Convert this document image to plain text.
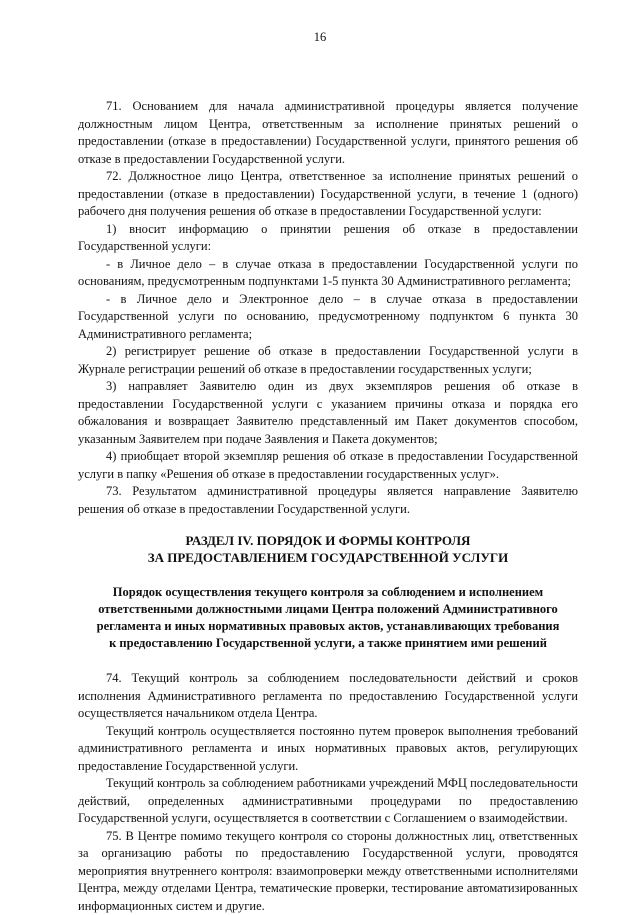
16

71. Основанием для начала административной процедуры является получение должностным лицом Центра, ответственным за исполнение принятых решений о предоставлении (отказе в предоставлении) Государственной услуги, принятого решения об отказе в предоставлении Государственной услуги.

72. Должностное лицо Центра, ответственное за исполнение принятых решений о предоставлении (отказе в предоставлении) Государственной услуги, в течение 1 (одного) рабочего дня получения решения об отказе в предоставлении Государственной услуги:

1) вносит информацию о принятии решения об отказе в предоставлении Государственной услуги:

- в Личное дело – в случае отказа в предоставлении Государственной услуги по основаниям, предусмотренным подпунктами 1-5 пункта 30 Административного регламента;

- в Личное дело и Электронное дело – в случае отказа в предоставлении Государственной услуги по основанию, предусмотренному подпунктом 6 пункта 30 Административного регламента;

2) регистрирует решение об отказе в предоставлении Государственной услуги в Журнале регистрации решений об отказе в предоставлении государственных услуги;

3) направляет Заявителю один из двух экземпляров решения об отказе в предоставлении Государственной услуги с указанием причины отказа и порядка его обжалования и возвращает Заявителю представленный им Пакет документов способом, указанным Заявителем при подаче Заявления и Пакета документов;

4) приобщает второй экземпляр решения об отказе в предоставлении Государственной услуги в папку «Решения об отказе в предоставлении государственных услуг».

73. Результатом административной процедуры является направление Заявителю решения об отказе в предоставлении Государственной услуги.

РАЗДЕЛ IV. ПОРЯДОК И ФОРМЫ КОНТРОЛЯ
ЗА ПРЕДОСТАВЛЕНИЕМ ГОСУДАРСТВЕННОЙ УСЛУГИ
Порядок осуществления текущего контроля за соблюдением и исполнением
ответственными должностными лицами Центра положений Административного
регламента и иных нормативных правовых актов, устанавливающих требования
к предоставлению Государственной услуги, а также принятием ими решений

74. Текущий контроль за соблюдением последовательности действий и сроков исполнения Административного регламента по предоставлению Государственной услуги осуществляется начальником отдела Центра.

Текущий контроль осуществляется постоянно путем проверок выполнения требований административного регламента и иных нормативных правовых актов, регулирующих предоставление Государственной услуги.

Текущий контроль за соблюдением работниками учреждений МФЦ последовательности действий, определенных административными процедурами по предоставлению Государственной услуги, осуществляется в соответствии с Соглашением о взаимодействии.

75. В Центре помимо текущего контроля со стороны должностных лиц, ответственных за организацию работы по предоставлению Государственной услуги, проводятся мероприятия внутреннего контроля: взаимопроверки между ответственными исполнителями Центра, между отделами Центра, тематические проверки, тестирование автоматизированных информационных систем и другие.
